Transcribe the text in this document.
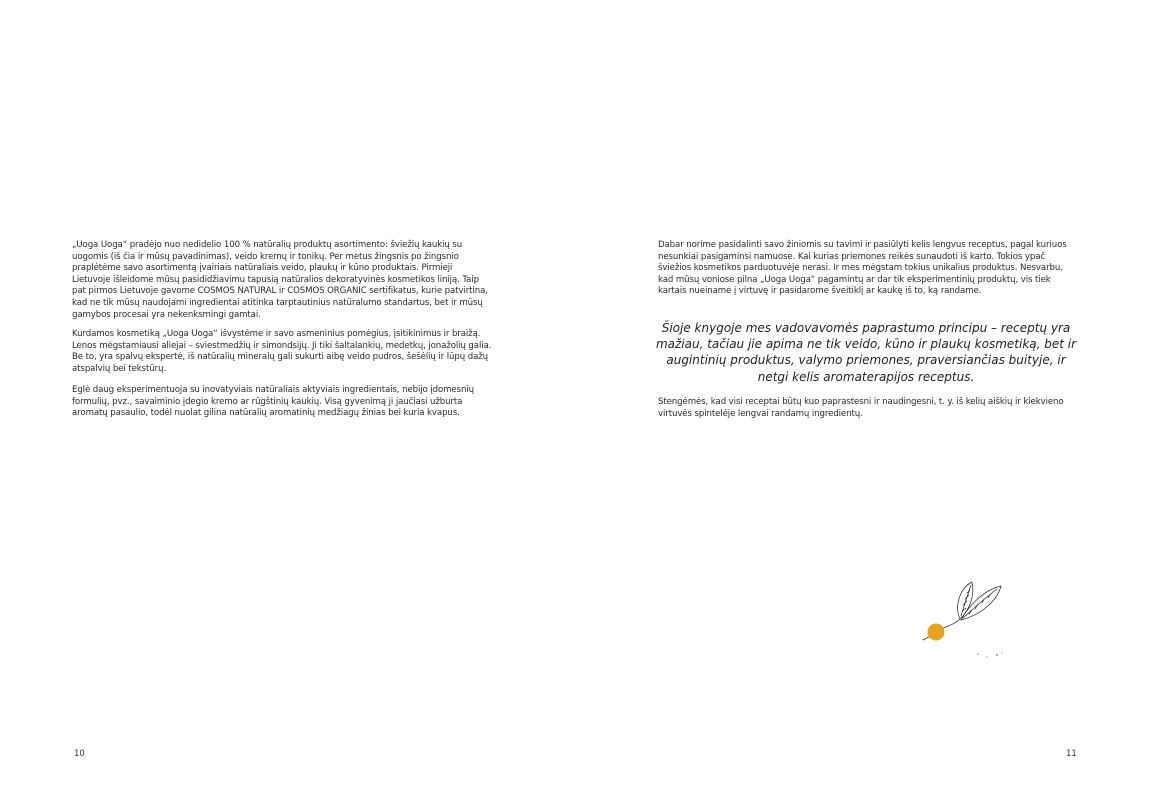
„Uoga Uoga“ pradėjo nuo nedidelio 100 % natūralių produktų asortimento: šviežių kaukių su uogomis (iš čia ir mūsų pavadinimas), veido kremų ir tonikų. Per metus žingsnis po žingsnio praplėtėme savo asortimentą įvairiais natūraliais veido, plaukų ir kūno produktais. Pirmieji Lietuvoje išleidome mūsų pasididžiavimu tapusią natūralios dekoratyvinės kosmetikos liniją. Taip pat pirmos Lietuvoje gavome COSMOS NATURAL ir COSMOS ORGANIC sertifikatus, kurie patvirtina, kad ne tik mūsų naudojami ingredientai atitinka tarptautinius natūralumo standartus, bet ir mūsų gamybos procesai yra nekenksmingi gamtai.

Kurdamos kosmetiką „Uoga Uoga“ išvystėme ir savo asmeninius pomėgius, įsitikinimus ir braižą. Lenos mėgstamiausi aliejai – sviestmedžių ir simondsijų. Ji tiki šaltalankių, medetkų, jonažolių galia. Be to, yra spalvų ekspertė, iš natūralių mineralų gali sukurti aibę veido pudros, šešėlių ir lūpų dažų atspalvių bei tekstūrų.

Eglė daug eksperimentuoja su inovatyviais natūraliais aktyviais ingredientais, nebijo įdomesnių formulių, pvz., savaiminio įdegio kremo ar rūgštinių kaukių. Visą gyvenimą ji jaučiasi užburta aromatų pasaulio, todėl nuolat gilina natūralių aromatinių medžiagų žinias bei kuria kvapus.

10

Dabar norime pasidalinti savo žiniomis su tavimi ir pasiūlyti kelis lengvus receptus, pagal kuriuos nesunkiai pasigaminsi namuose. Kai kurias priemones reikės sunaudoti iš karto. Tokios ypač šviežios kosmetikos parduotuvėje nerasi. Ir mes mėgstam tokius unikalius produktus. Nesvarbu, kad mūsų voniose pilna „Uoga Uoga“ pagamintų ar dar tik eksperimentinių produktų, vis tiek kartais nueiname į virtuvę ir pasidarome šveitiklį ar kaukę iš to, ką randame.

Šioje knygoje mes vadovavomės paprastumo principu – receptų yra mažiau, tačiau jie apima ne tik veido, kūno ir plaukų kosmetiką, bet ir augintinių produktus, valymo priemones, praversiančias buityje, ir netgi kelis aromaterapijos receptus.

Stengėmės, kad visi receptai būtų kuo paprastesni ir naudingesni, t. y. iš kelių aiškių ir kiekvieno virtuvės spintelėje lengvai randamų ingredientų.

11
